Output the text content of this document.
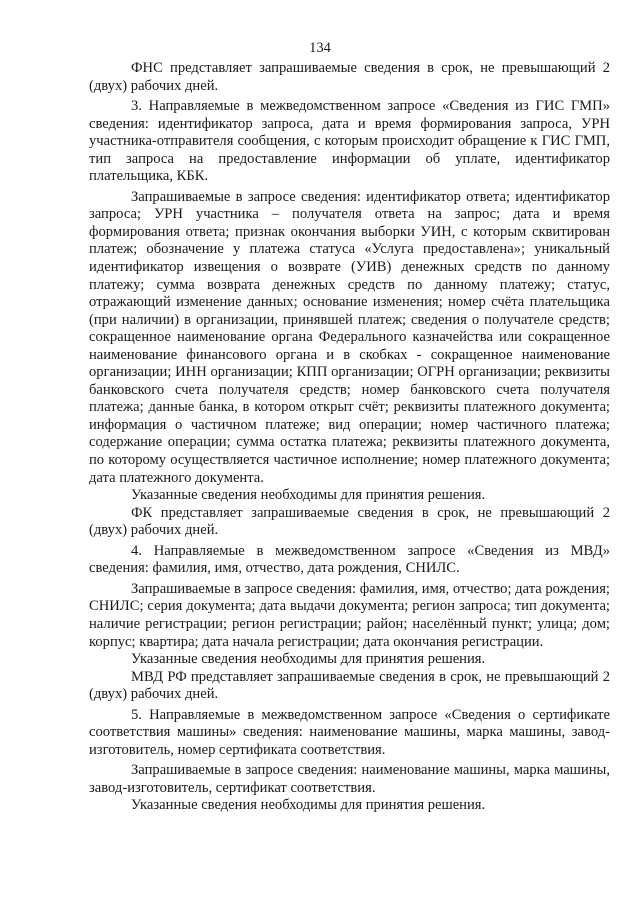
134

ФНС представляет запрашиваемые сведения в срок, не превышающий 2 (двух) рабочих дней.

3. Направляемые в межведомственном запросе «Сведения из ГИС ГМП» сведения: идентификатор запроса, дата и время формирования запроса, УРН участника-отправителя сообщения, с которым происходит обращение к ГИС ГМП, тип запроса на предоставление информации об уплате, идентификатор плательщика, КБК.

Запрашиваемые в запросе сведения: идентификатор ответа; идентификатор запроса; УРН участника – получателя ответа на запрос; дата и время формирования ответа; признак окончания выборки УИН, с которым сквитирован платеж; обозначение у платежа статуса «Услуга предоставлена»; уникальный идентификатор извещения о возврате (УИВ) денежных средств по данному платежу; сумма возврата денежных средств по данному платежу; статус, отражающий изменение данных; основание изменения; номер счёта плательщика (при наличии) в организации, принявшей платеж; сведения о получателе средств; сокращенное наименование органа Федерального казначейства или сокращенное наименование финансового органа и в скобках - сокращенное наименование организации; ИНН организации; КПП организации; ОГРН организации; реквизиты банковского счета получателя средств; номер банковского счета получателя платежа; данные банка, в котором открыт счёт; реквизиты платежного документа; информация о частичном платеже; вид операции; номер частичного платежа; содержание операции; сумма остатка платежа; реквизиты платежного документа, по которому осуществляется частичное исполнение; номер платежного документа; дата платежного документа.

Указанные сведения необходимы для принятия решения.

ФК представляет запрашиваемые сведения в срок, не превышающий 2 (двух) рабочих дней.

4. Направляемые в межведомственном запросе «Сведения из МВД» сведения: фамилия, имя, отчество, дата рождения, СНИЛС.

Запрашиваемые в запросе сведения: фамилия, имя, отчество; дата рождения; СНИЛС; серия документа; дата выдачи документа; регион запроса; тип документа; наличие регистрации; регион регистрации; район; населённый пункт; улица; дом; корпус; квартира; дата начала регистрации; дата окончания регистрации.

Указанные сведения необходимы для принятия решения.

МВД РФ представляет запрашиваемые сведения в срок, не превышающий 2 (двух) рабочих дней.

5. Направляемые в межведомственном запросе «Сведения о сертификате соответствия машины» сведения: наименование машины, марка машины, завод-изготовитель, номер сертификата соответствия.

Запрашиваемые в запросе сведения: наименование машины, марка машины, завод-изготовитель, сертификат соответствия.

Указанные сведения необходимы для принятия решения.
